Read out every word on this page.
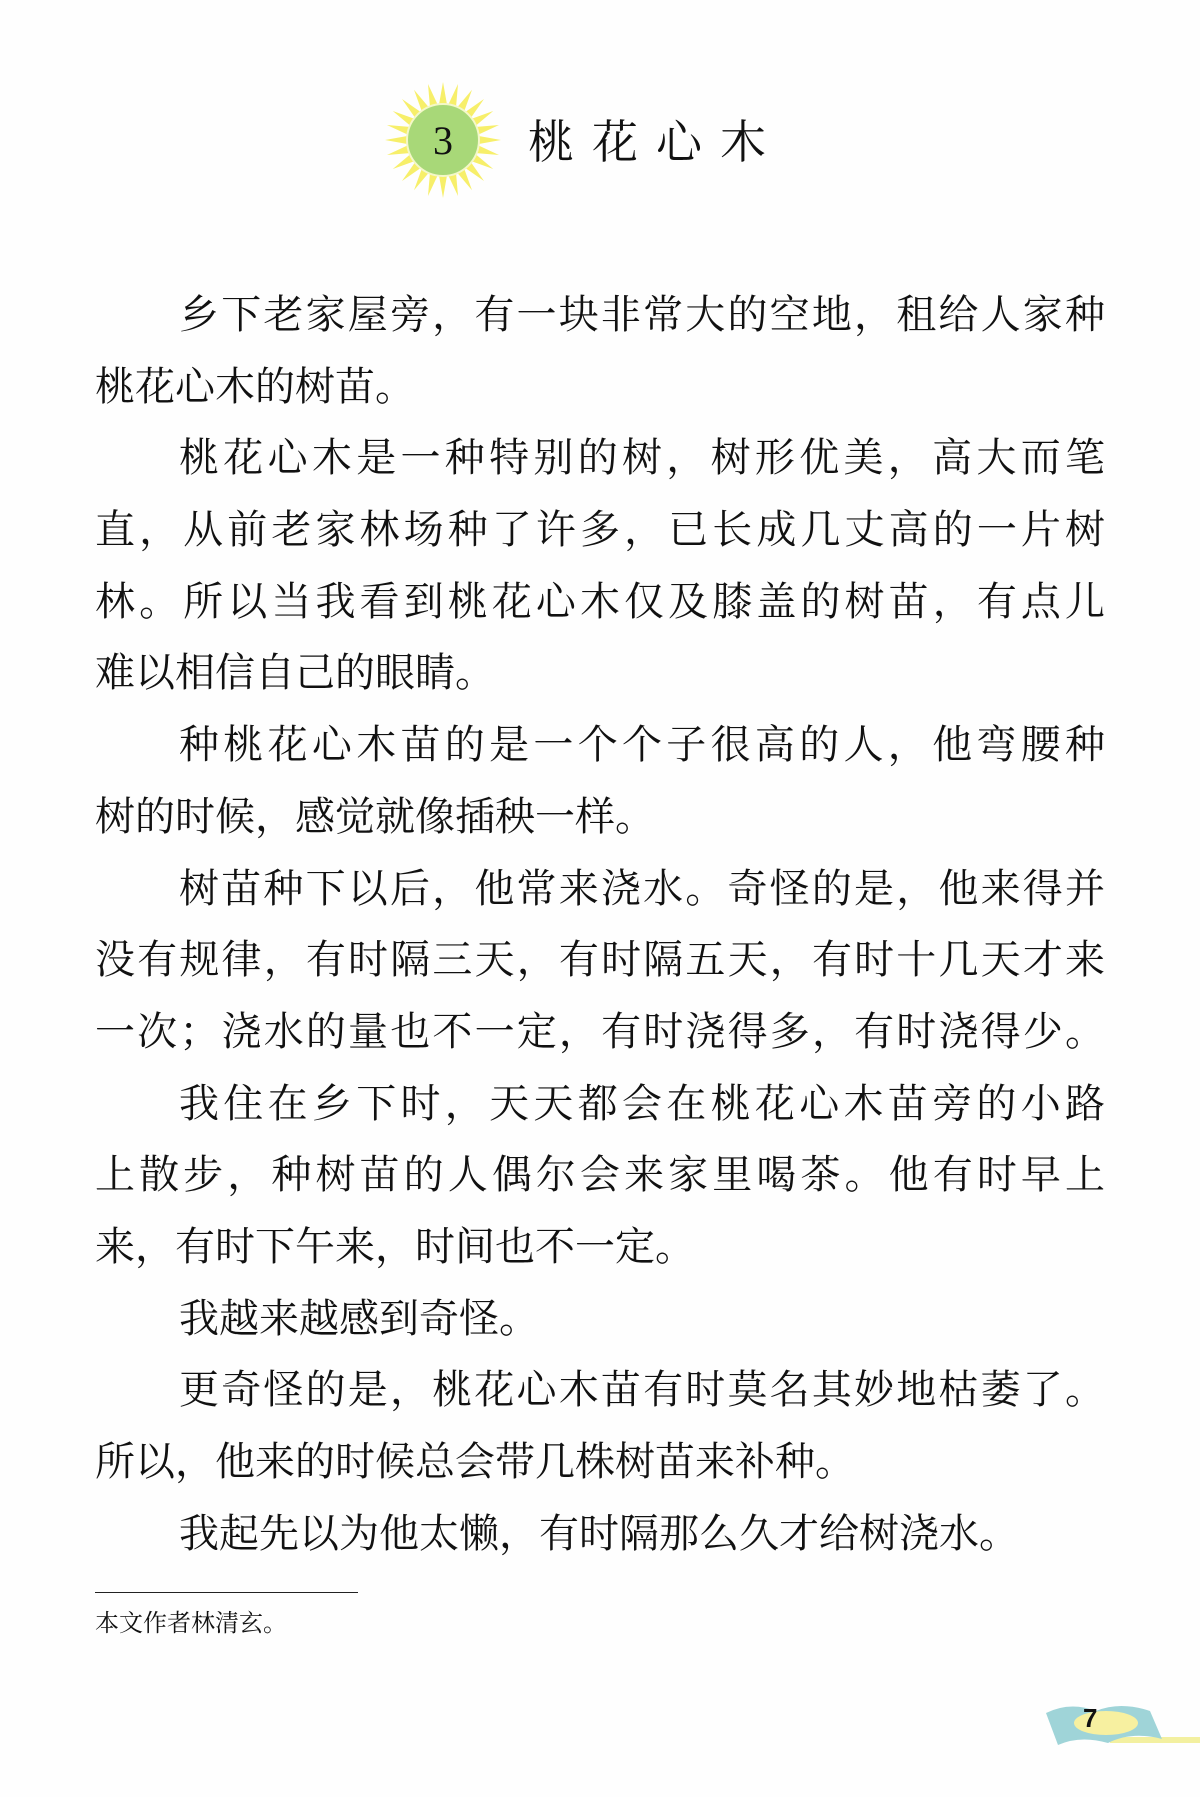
3 桃花心木
乡下老家屋旁，有一块非常大的空地，租给人家种
桃花心木的树苗。
桃花心木是一种特别的树，树形优美，高大而笔
直，从前老家林场种了许多，已长成几丈高的一片树
林。所以当我看到桃花心木仅及膝盖的树苗，有点儿
难以相信自己的眼睛。
种桃花心木苗的是一个个子很高的人，他弯腰种
树的时候，感觉就像插秧一样。
树苗种下以后，他常来浇水。奇怪的是，他来得并
没有规律，有时隔三天，有时隔五天，有时十几天才来
一次；浇水的量也不一定，有时浇得多，有时浇得少。
我住在乡下时，天天都会在桃花心木苗旁的小路
上散步，种树苗的人偶尔会来家里喝茶。他有时早上
来，有时下午来，时间也不一定。
我越来越感到奇怪。
更奇怪的是，桃花心木苗有时莫名其妙地枯萎了。
所以，他来的时候总会带几株树苗来补种。
我起先以为他太懒，有时隔那么久才给树浇水。
本文作者林清玄。
7
